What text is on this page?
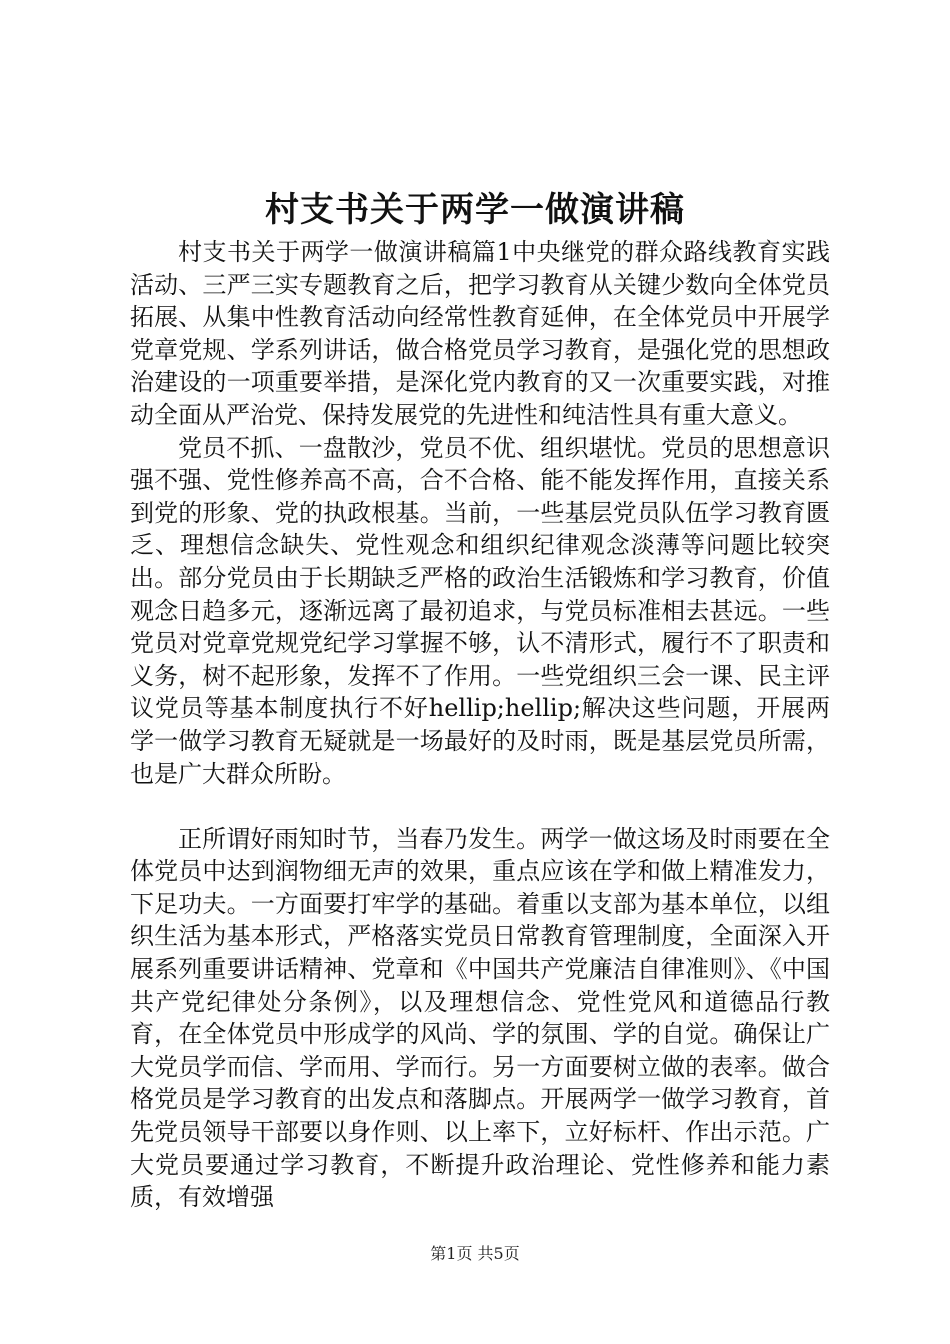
村支书关于两学一做演讲稿

村支书关于两学一做演讲稿篇1中央继党的群众路线教育实践活动、三严三实专题教育之后，把学习教育从关键少数向全体党员拓展、从集中性教育活动向经常性教育延伸，在全体党员中开展学党章党规、学系列讲话，做合格党员学习教育，是强化党的思想政治建设的一项重要举措，是深化党内教育的又一次重要实践，对推动全面从严治党、保持发展党的先进性和纯洁性具有重大意义。

党员不抓、一盘散沙，党员不优、组织堪忧。党员的思想意识强不强、党性修养高不高，合不合格、能不能发挥作用，直接关系到党的形象、党的执政根基。当前，一些基层党员队伍学习教育匮乏、理想信念缺失、党性观念和组织纪律观念淡薄等问题比较突出。部分党员由于长期缺乏严格的政治生活锻炼和学习教育，价值观念日趋多元，逐渐远离了最初追求，与党员标准相去甚远。一些党员对党章党规党纪学习掌握不够，认不清形式，履行不了职责和义务，树不起形象，发挥不了作用。一些党组织三会一课、民主评议党员等基本制度执行不好hellip;hellip;解决这些问题，开展两学一做学习教育无疑就是一场最好的及时雨，既是基层党员所需，也是广大群众所盼。

正所谓好雨知时节，当春乃发生。两学一做这场及时雨要在全体党员中达到润物细无声的效果，重点应该在学和做上精准发力，下足功夫。一方面要打牢学的基础。着重以支部为基本单位，以组织生活为基本形式，严格落实党员日常教育管理制度，全面深入开展系列重要讲话精神、党章和《中国共产党廉洁自律准则》、《中国共产党纪律处分条例》，以及理想信念、党性党风和道德品行教育，在全体党员中形成学的风尚、学的氛围、学的自觉。确保让广大党员学而信、学而用、学而行。另一方面要树立做的表率。做合格党员是学习教育的出发点和落脚点。开展两学一做学习教育，首先党员领导干部要以身作则、以上率下，立好标杆、作出示范。广大党员要通过学习教育，不断提升政治理论、党性修养和能力素质，有效增强

第1页 共5页
